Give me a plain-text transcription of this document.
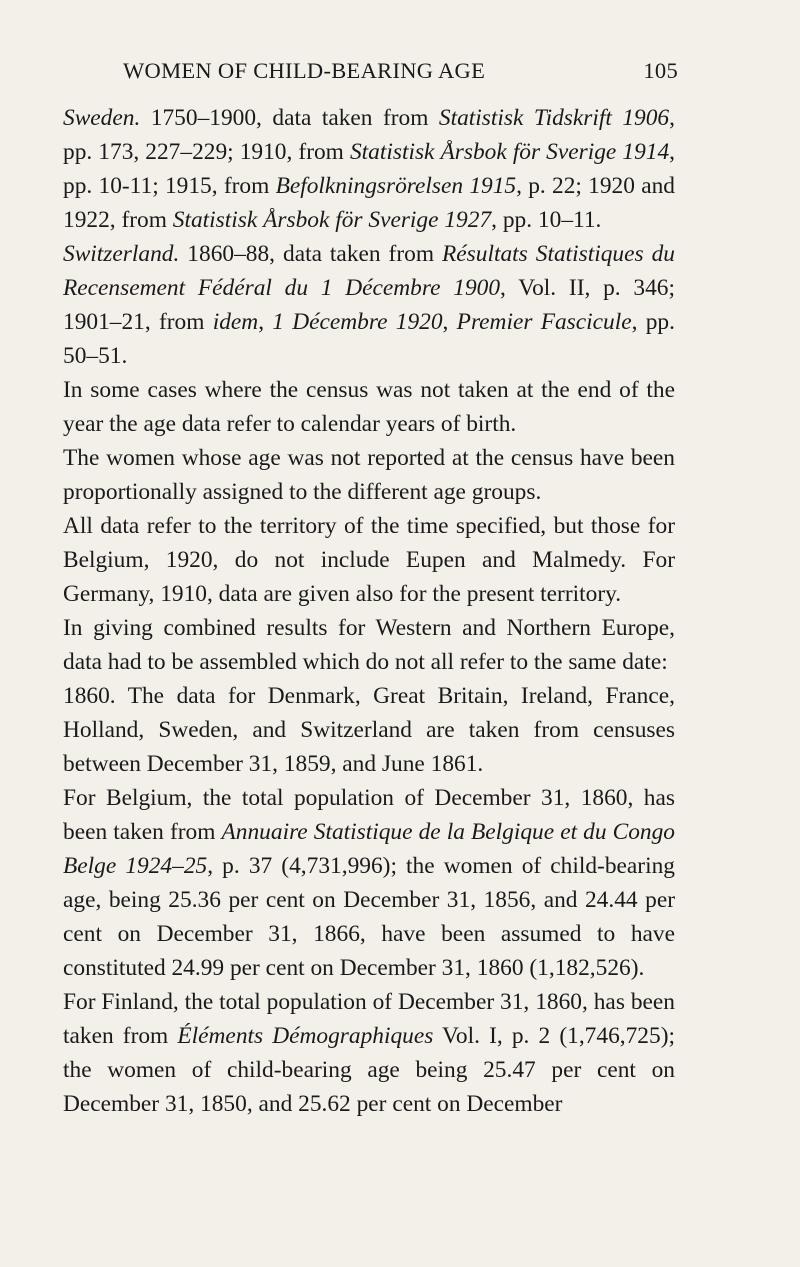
WOMEN OF CHILD-BEARING AGE	105

Sweden. 1750–1900, data taken from Statistisk Tidskrift 1906, pp. 173, 227–229; 1910, from Statistisk Årsbok för Sverige 1914, pp. 10-11; 1915, from Befolkningsrörelsen 1915, p. 22; 1920 and 1922, from Statistisk Årsbok för Sverige 1927, pp. 10–11.

Switzerland. 1860–88, data taken from Résultats Statistiques du Recensement Fédéral du 1 Décembre 1900, Vol. II, p. 346; 1901–21, from idem, 1 Décembre 1920, Premier Fascicule, pp. 50–51.

In some cases where the census was not taken at the end of the year the age data refer to calendar years of birth.

The women whose age was not reported at the census have been proportionally assigned to the different age groups.

All data refer to the territory of the time specified, but those for Belgium, 1920, do not include Eupen and Malmedy. For Germany, 1910, data are given also for the present territory.

In giving combined results for Western and Northern Europe, data had to be assembled which do not all refer to the same date:

1860. The data for Denmark, Great Britain, Ireland, France, Holland, Sweden, and Switzerland are taken from censuses between December 31, 1859, and June 1861.

For Belgium, the total population of December 31, 1860, has been taken from Annuaire Statistique de la Belgique et du Congo Belge 1924–25, p. 37 (4,731,996); the women of child-bearing age, being 25.36 per cent on December 31, 1856, and 24.44 per cent on December 31, 1866, have been assumed to have constituted 24.99 per cent on December 31, 1860 (1,182,526).

For Finland, the total population of December 31, 1860, has been taken from Éléments Démographiques Vol. I, p. 2 (1,746,725); the women of child-bearing age being 25.47 per cent on December 31, 1850, and 25.62 per cent on December
